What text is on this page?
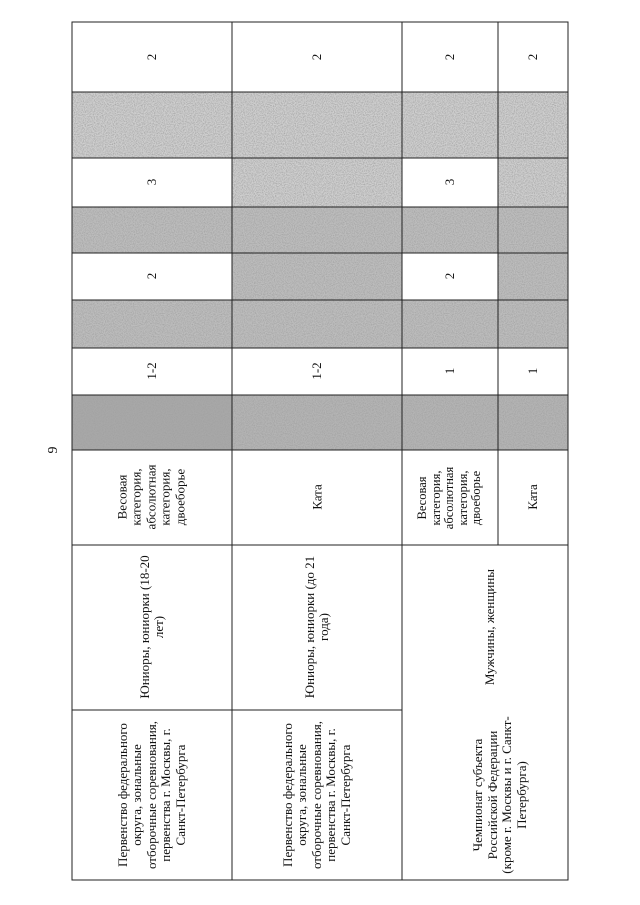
9
Первенство федерального округа, зональные отборочные соревнования, первенства г. Москвы, г. Санкт-Петербурга
Юниоры, юниорки (18-20 лет)
Весовая категория, абсолютная категория, двоеборье
1-2
2
3
2
Первенство федерального округа, зональные отборочные соревнования, первенства г. Москвы, г. Санкт-Петербурга
Юниоры, юниорки (до 21 года)
Ката
1-2
2
Чемпионат субъекта Российской Федерации (кроме г. Москвы и г. Санкт-Петербурга)
Мужчины, женщины
Весовая категория, абсолютная категория, двоеборье
1
2
3
2
Ката
1
2
